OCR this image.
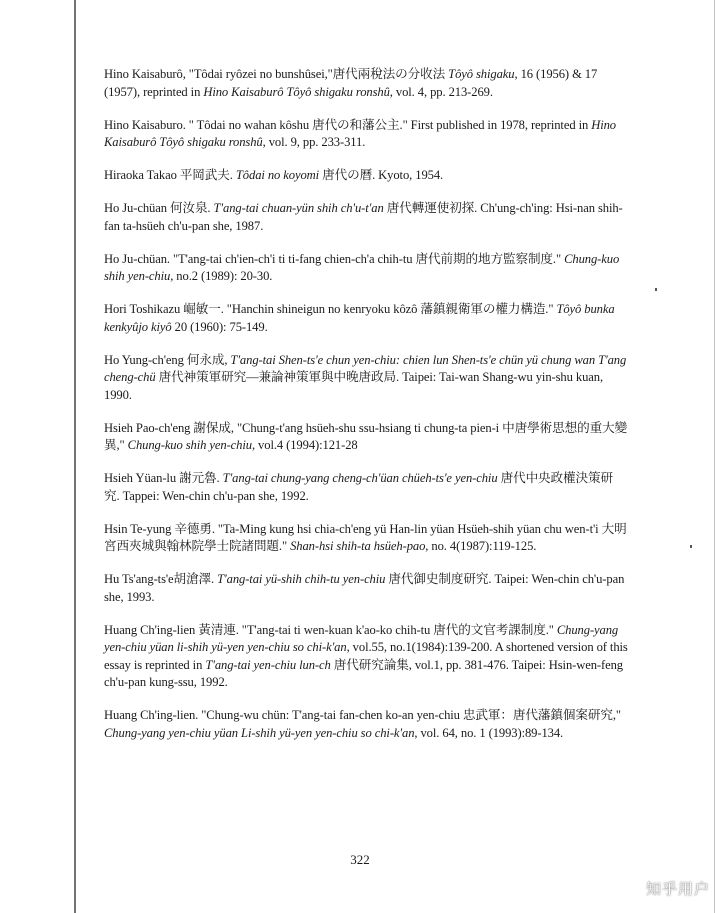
Hino Kaisaburô, "Tôdai ryôzei no bunshûsei,"唐代兩稅法の分收法 Tôyô shigaku, 16 (1956) & 17 (1957), reprinted in Hino Kaisaburô Tôyô shigaku ronshû, vol. 4, pp. 213-269.

Hino Kaisaburo. " Tôdai no wahan kôshu 唐代の和藩公主." First published in 1978, reprinted in Hino Kaisaburô Tôyô shigaku ronshû, vol. 9, pp. 233-311.

Hiraoka Takao 平岡武夫. Tôdai no koyomi 唐代の曆. Kyoto, 1954.

Ho Ju-chüan 何汝泉. T'ang-tai chuan-yün shih ch'u-t'an 唐代轉運使初探. Ch'ung-ch'ing: Hsi-nan shih-fan ta-hsüeh ch'u-pan she, 1987.

Ho Ju-chüan. "T'ang-tai ch'ien-ch'i ti ti-fang chien-ch'a chih-tu 唐代前期的地方監察制度." Chung-kuo shih yen-chiu, no.2 (1989): 20-30.

Hori Toshikazu 崛敏一. "Hanchin shineigun no kenryoku kôzô 藩鎮親衛軍の權力構造." Tôyô bunka kenkyûjo kiyô 20 (1960): 75-149.

Ho Yung-ch'eng 何永成, T'ang-tai Shen-ts'e chun yen-chiu: chien lun Shen-ts'e chün yü chung wan T'ang cheng-chü 唐代神策軍研究—兼論神策軍與中晚唐政局. Taipei: Tai-wan Shang-wu yin-shu kuan, 1990.

Hsieh Pao-ch'eng 謝保成, "Chung-t'ang hsüeh-shu ssu-hsiang ti chung-ta pien-i 中唐學術思想的重大變異," Chung-kuo shih yen-chiu, vol.4 (1994):121-28

Hsieh Yüan-lu 謝元魯. T'ang-tai chung-yang cheng-ch'üan chüeh-ts'e yen-chiu 唐代中央政權決策研究. Tappei: Wen-chin ch'u-pan she, 1992.

Hsin Te-yung 辛德勇. "Ta-Ming kung hsi chia-ch'eng yü Han-lin yüan Hsüeh-shih yüan chu wen-t'i 大明宮西夾城與翰林院學士院諸問題." Shan-hsi shih-ta hsüeh-pao, no. 4(1987):119-125.

Hu Ts'ang-ts'e胡滄澤. T'ang-tai yü-shih chih-tu yen-chiu 唐代御史制度研究. Taipei: Wen-chin ch'u-pan she, 1993.

Huang Ch'ing-lien 黃清連. "T'ang-tai ti wen-kuan k'ao-ko chih-tu 唐代的文官考課制度." Chung-yang yen-chiu yüan li-shih yü-yen yen-chiu so chi-k'an, vol.55, no.1(1984):139-200. A shortened version of this essay is reprinted in T'ang-tai yen-chiu lun-ch 唐代研究論集, vol.1, pp. 381-476. Taipei: Hsin-wen-feng ch'u-pan kung-ssu, 1992.

Huang Ch'ing-lien. "Chung-wu chün: T'ang-tai fan-chen ko-an yen-chiu 忠武軍：唐代藩鎮個案研究," Chung-yang yen-chiu yüan Li-shih yü-yen yen-chiu so chi-k'an, vol. 64, no. 1 (1993):89-134.

322
知乎用户
